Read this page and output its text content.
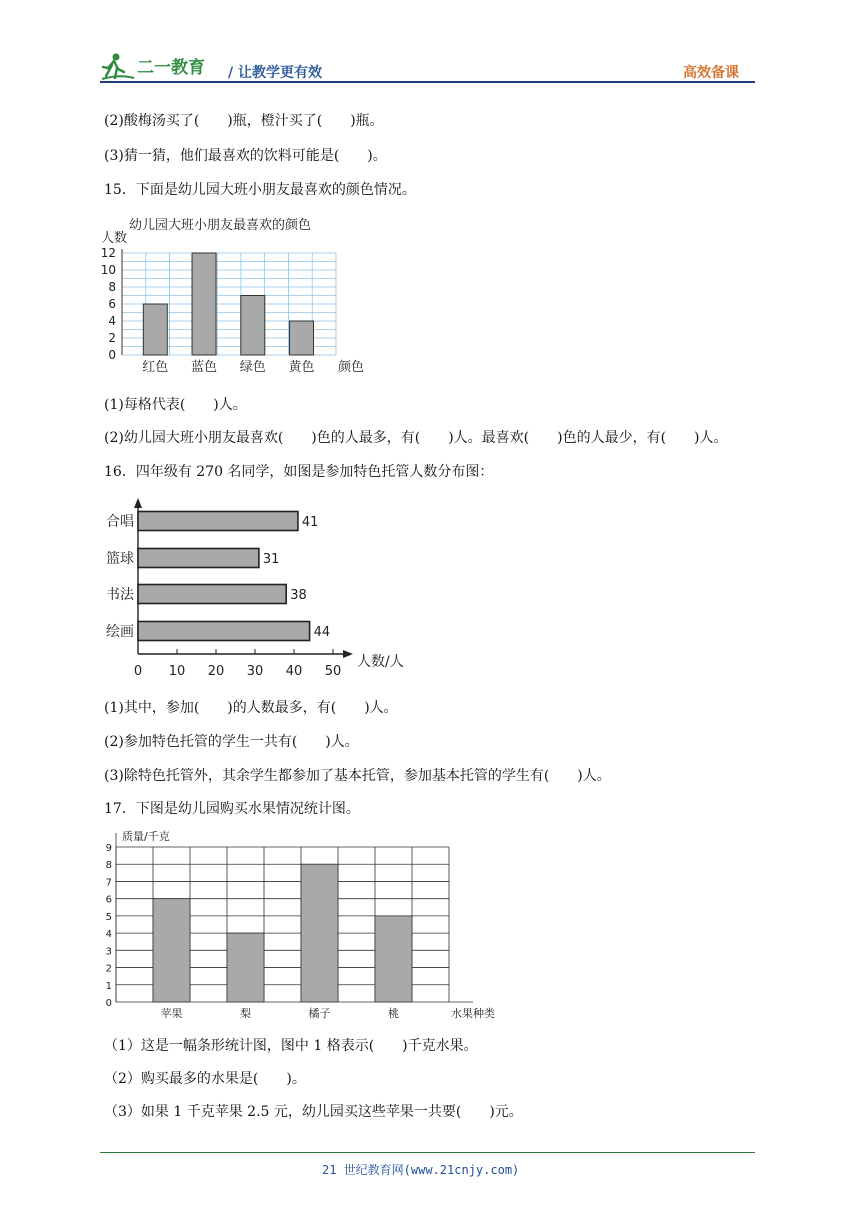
二一教育 / 让教学更有效	高效备课
(2)酸梅汤买了(　　)瓶，橙汁买了(　　)瓶。
(3)猜一猜，他们最喜欢的饮料可能是(　　)。
15．下面是幼儿园大班小朋友最喜欢的颜色情况。
红色 蓝色 绿色 黄色
0
2
4
6
8
10
12
幼儿园大班小朋友最喜欢的颜色
人数
颜色
(1)每格代表(　　)人。
(2)幼儿园大班小朋友最喜欢(　　)色的人最多，有(　　)人。最喜欢(　　)色的人最少，有(　　)人。
16．四年级有 270 名同学，如图是参加特色托管人数分布图：
0 10 20 30 40 50
人数/人
合唱	41
篮球	31
书法	38
绘画	44
(1)其中，参加(　　)的人数最多，有(　　)人。
(2)参加特色托管的学生一共有(　　)人。
(3)除特色托管外，其余学生都参加了基本托管，参加基本托管的学生有(　　)人。
17．下图是幼儿园购买水果情况统计图。
苹果	梨	橘子	桃
0
1
2
3
4
5
6
7
8
9
质量/千克
水果种类
（1）这是一幅条形统计图，图中 1 格表示(　　)千克水果。
（2）购买最多的水果是(　　)。
（3）如果 1 千克苹果 2.5 元，幼儿园买这些苹果一共要(　　)元。
21 世纪教育网(www.21cnjy.com)
